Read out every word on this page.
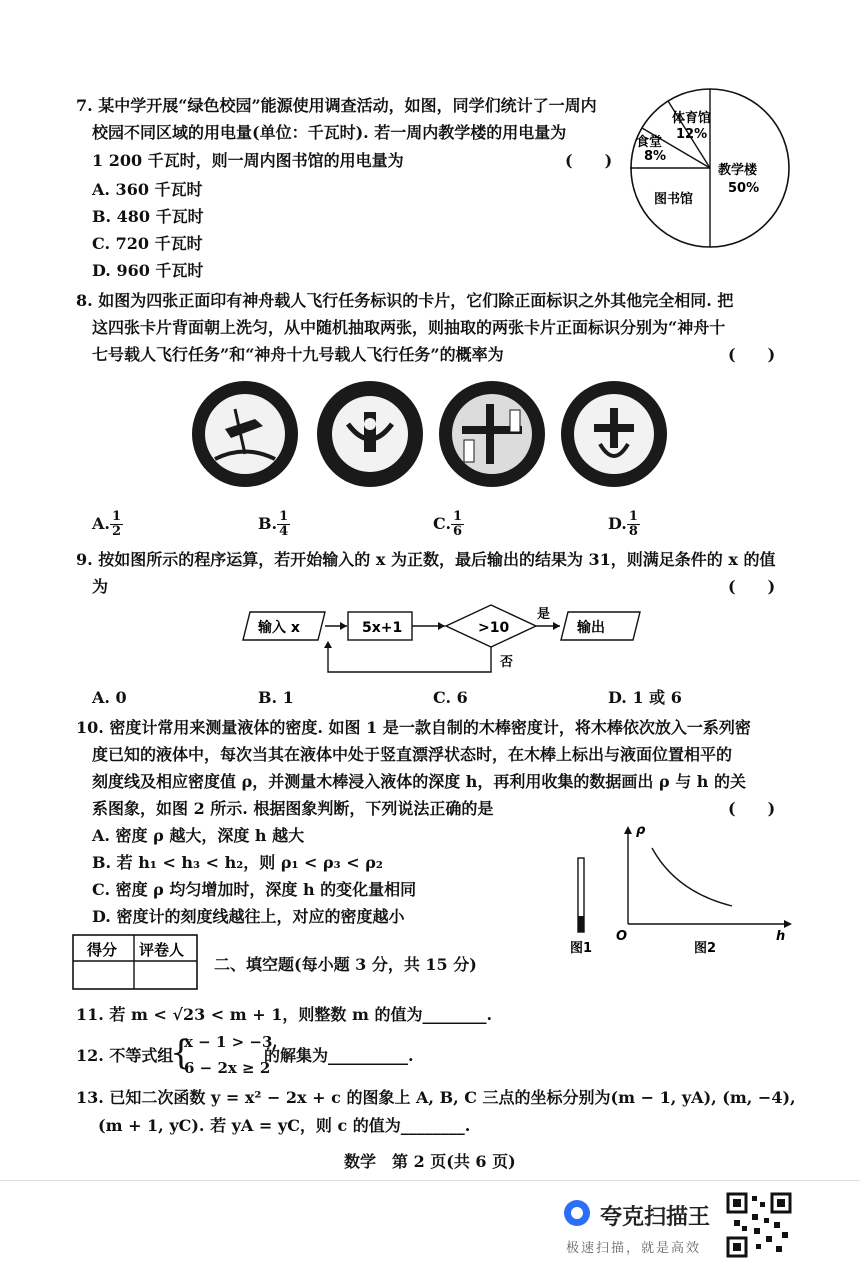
7. 某中学开展“绿色校园”能源使用调查活动，如图，同学们统计了一周内
校园不同区域的用电量(单位：千瓦时). 若一周内教学楼的用电量为
1 200 千瓦时，则一周内图书馆的用电量为	(　　)
A. 360 千瓦时
B. 480 千瓦时
C. 720 千瓦时
D. 960 千瓦时
体育馆
12%
食堂
8%
教学楼
50%
图书馆
8. 如图为四张正面印有神舟载人飞行任务标识的卡片，它们除正面标识之外其他完全相同. 把
这四张卡片背面朝上洗匀，从中随机抽取两张，则抽取的两张卡片正面标识分别为“神舟十
七号载人飞行任务”和“神舟十九号载人飞行任务”的概率为	(　　)
A. $\frac{1}{2}$	B. $\frac{1}{4}$	C. $\frac{1}{6}$	D. $\frac{1}{8}$
9. 按如图所示的程序运算，若开始输入的 x 为正数，最后输出的结果为 31，则满足条件的 x 的值
为	(　　)
输入 x	5x+1	>10
是
输出
否
A. 0	B. 1	C. 6	D. 1 或 6
10. 密度计常用来测量液体的密度. 如图 1 是一款自制的木棒密度计，将木棒依次放入一系列密
度已知的液体中，每次当其在液体中处于竖直漂浮状态时，在木棒上标出与液面位置相平的
刻度线及相应密度值 ρ，并测量木棒浸入液体的深度 h，再利用收集的数据画出 ρ 与 h 的关
系图象，如图 2 所示. 根据图象判断，下列说法正确的是	(　　)
A. 密度 ρ 越大，深度 h 越大
B. 若 h₁ < h₃ < h₂，则 ρ₁ < ρ₃ < ρ₂
C. 密度 ρ 均匀增加时，深度 h 的变化量相同
D. 密度计的刻度线越往上，对应的密度越小
图1
ρ
h
O
图2
得分 评卷人
二、填空题(每小题 3 分，共 15 分)
11. 若 m < √23 < m + 1，则整数 m 的值为________.
12. 不等式组
{
x − 1 > −3,
6 − 2x ≥ 2
的解集为__________.
13. 已知二次函数 y = x² − 2x + c 的图象上 A, B, C 三点的坐标分别为(m − 1, yA), (m, −4),
(m + 1, yC). 若 yA = yC，则 c 的值为________.
数学　第 2 页(共 6 页)
夸克扫描王
极速扫描，就是高效
